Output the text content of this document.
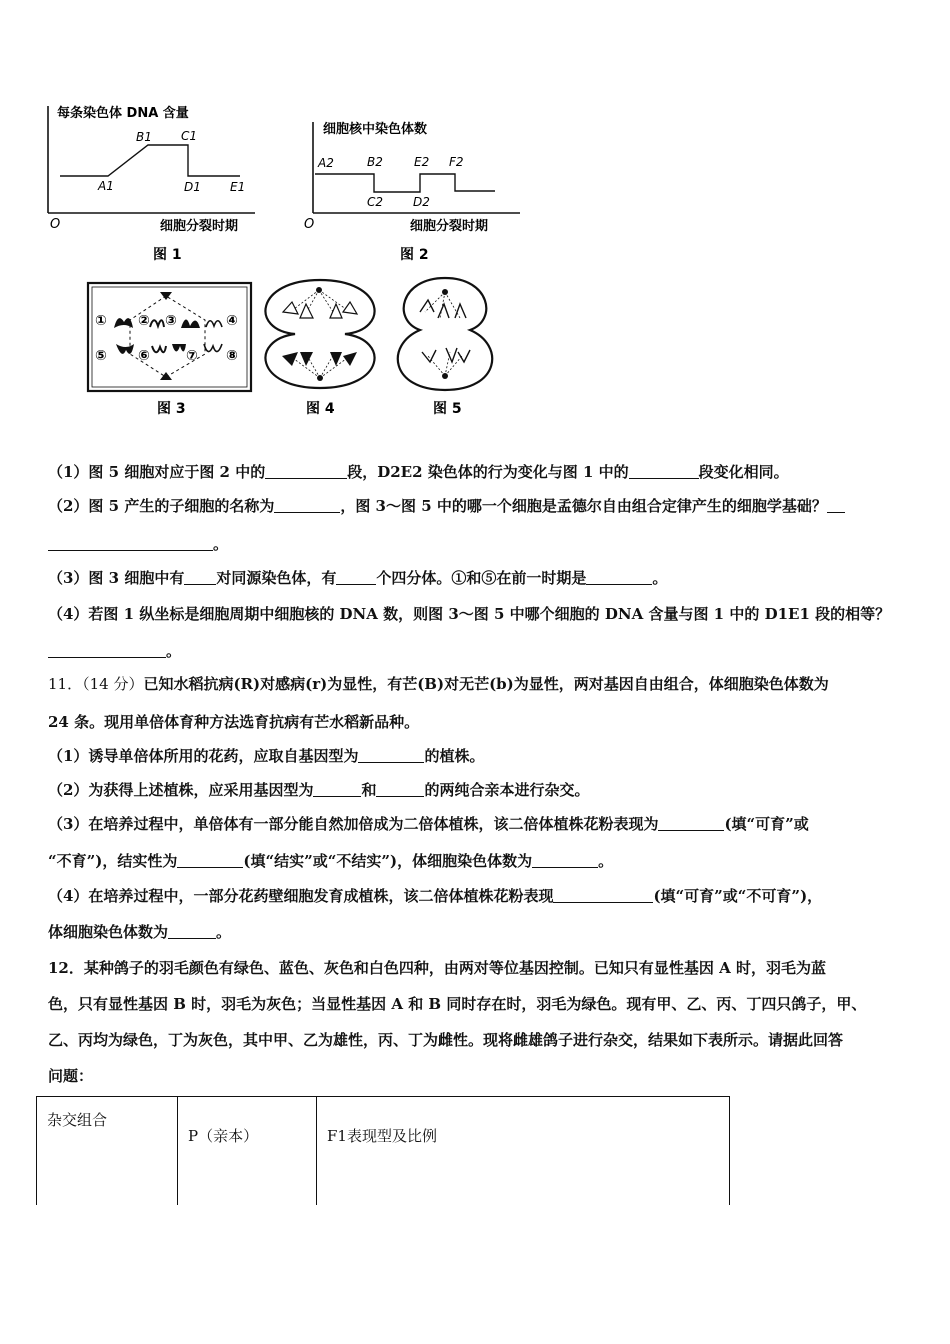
每条染色体 DNA 含量
A1
B1 C1
D1 E1
O	细胞分裂时期
图 1
细胞核中染色体数
A2	B2
C2 D2
E2 F2
O	细胞分裂时期
图 2
① ② ③	④
⑤ ⑥	⑦ ⑧
图 3	图 4	图 5
（1）图 5 细胞对应于图 2 中的	段，D2E2 染色体的行为变化与图 1 中的	段变化相同。
（2）图 5 产生的子细胞的名称为	，图 3～图 5 中的哪一个细胞是孟德尔自由组合定律产生的细胞学基础？
。
（3）图 3 细胞中有 对同源染色体，有	个四分体。①和⑤在前一时期是	。
（4）若图 1 纵坐标是细胞周期中细胞核的 DNA 数，则图 3～图 5 中哪个细胞的 DNA 含量与图 1 中的 D1E1 段的相等？
。
11．（14 分）已知水稻抗病(R)对感病(r)为显性，有芒(B)对无芒(b)为显性，两对基因自由组合，体细胞染色体数为
24 条。现用单倍体育种方法选育抗病有芒水稻新品种。
（1）诱导单倍体所用的花药，应取自基因型为	的植株。
（2）为获得上述植株，应采用基因型为	和	的两纯合亲本进行杂交。
（3）在培养过程中，单倍体有一部分能自然加倍成为二倍体植株，该二倍体植株花粉表现为	(填“可育”或
“不育”)，结实性为	(填“结实”或“不结实”)，体细胞染色体数为	。
（4）在培养过程中，一部分花药壁细胞发育成植株，该二倍体植株花粉表现	(填“可育”或“不可育”)，
体细胞染色体数为	。
12．某种鸽子的羽毛颜色有绿色、蓝色、灰色和白色四种，由两对等位基因控制。已知只有显性基因 A 时，羽毛为蓝
色，只有显性基因 B 时，羽毛为灰色；当显性基因 A 和 B 同时存在时，羽毛为绿色。现有甲、乙、丙、丁四只鸽子，甲、
乙、丙均为绿色，丁为灰色，其中甲、乙为雄性，丙、丁为雌性。现将雌雄鸽子进行杂交，结果如下表所示。请据此回答
问题：
杂交组合	P（亲本）	F1表现型及比例
